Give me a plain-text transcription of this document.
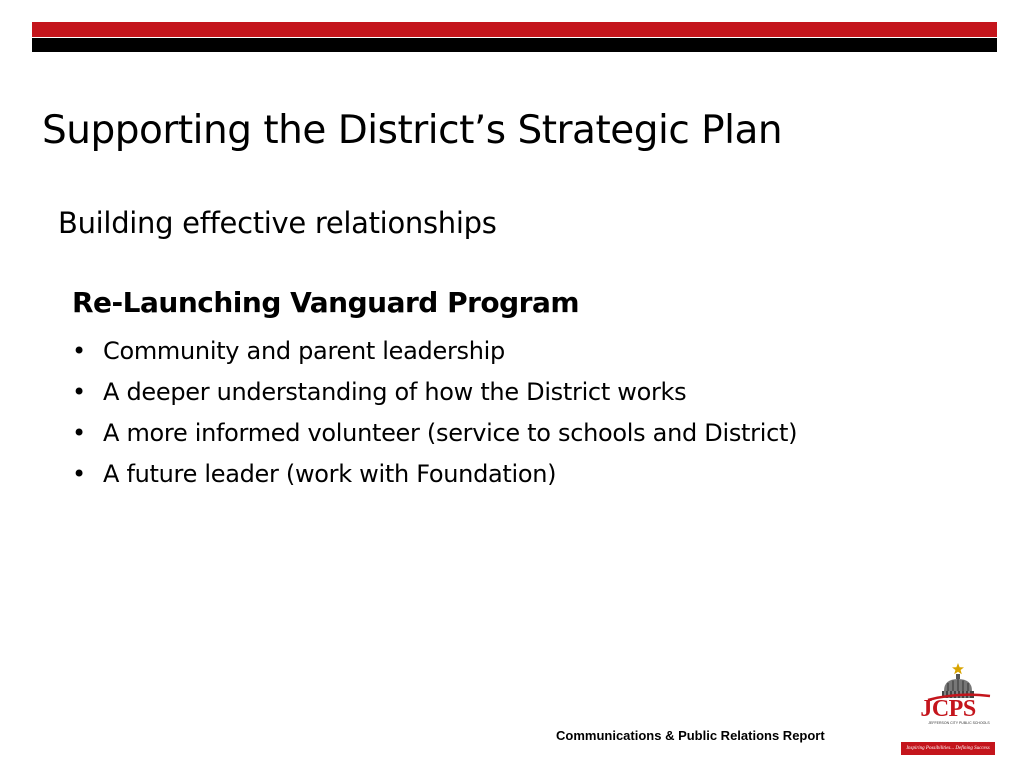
Supporting the District’s Strategic Plan
Building effective relationships
Re-Launching Vanguard Program
• Community and parent leadership
• A deeper understanding of how the District works
• A more informed volunteer (service to schools and District)
• A future leader (work with Foundation)
Communications & Public Relations Report
JCPS
JEFFERSON CITY PUBLIC SCHOOLS
Inspiring Possibilities... Defining Success
